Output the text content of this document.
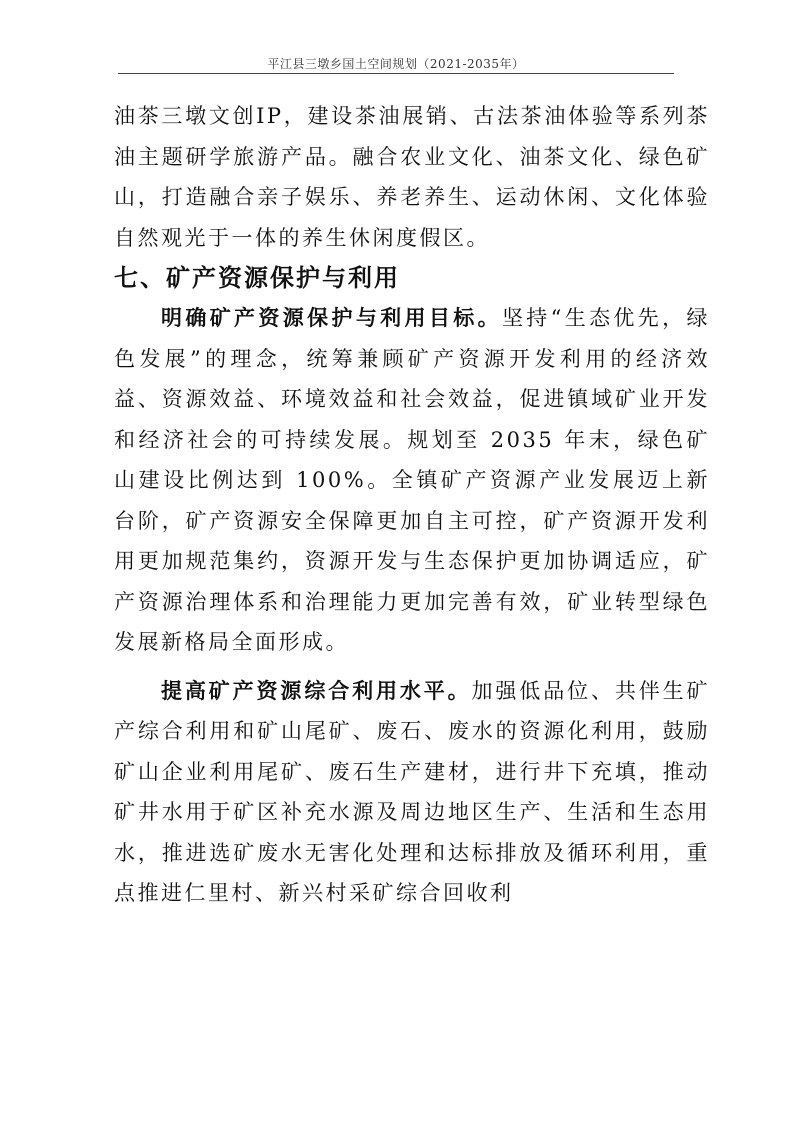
平江县三墩乡国土空间规划（2021-2035年）

油茶三墩文创IP，建设茶油展销、古法茶油体验等系列茶油主题研学旅游产品。融合农业文化、油茶文化、绿色矿山，打造融合亲子娱乐、养老养生、运动休闲、文化体验自然观光于一体的养生休闲度假区。

七、矿产资源保护与利用

明确矿产资源保护与利用目标。坚持“生态优先，绿色发展”的理念，统筹兼顾矿产资源开发利用的经济效益、资源效益、环境效益和社会效益，促进镇域矿业开发和经济社会的可持续发展。规划至 2035 年末，绿色矿山建设比例达到 100%。全镇矿产资源产业发展迈上新台阶，矿产资源安全保障更加自主可控，矿产资源开发利用更加规范集约，资源开发与生态保护更加协调适应，矿产资源治理体系和治理能力更加完善有效，矿业转型绿色发展新格局全面形成。

提高矿产资源综合利用水平。加强低品位、共伴生矿产综合利用和矿山尾矿、废石、废水的资源化利用，鼓励矿山企业利用尾矿、废石生产建材，进行井下充填，推动矿井水用于矿区补充水源及周边地区生产、生活和生态用水，推进选矿废水无害化处理和达标排放及循环利用，重点推进仁里村、新兴村采矿综合回收利
